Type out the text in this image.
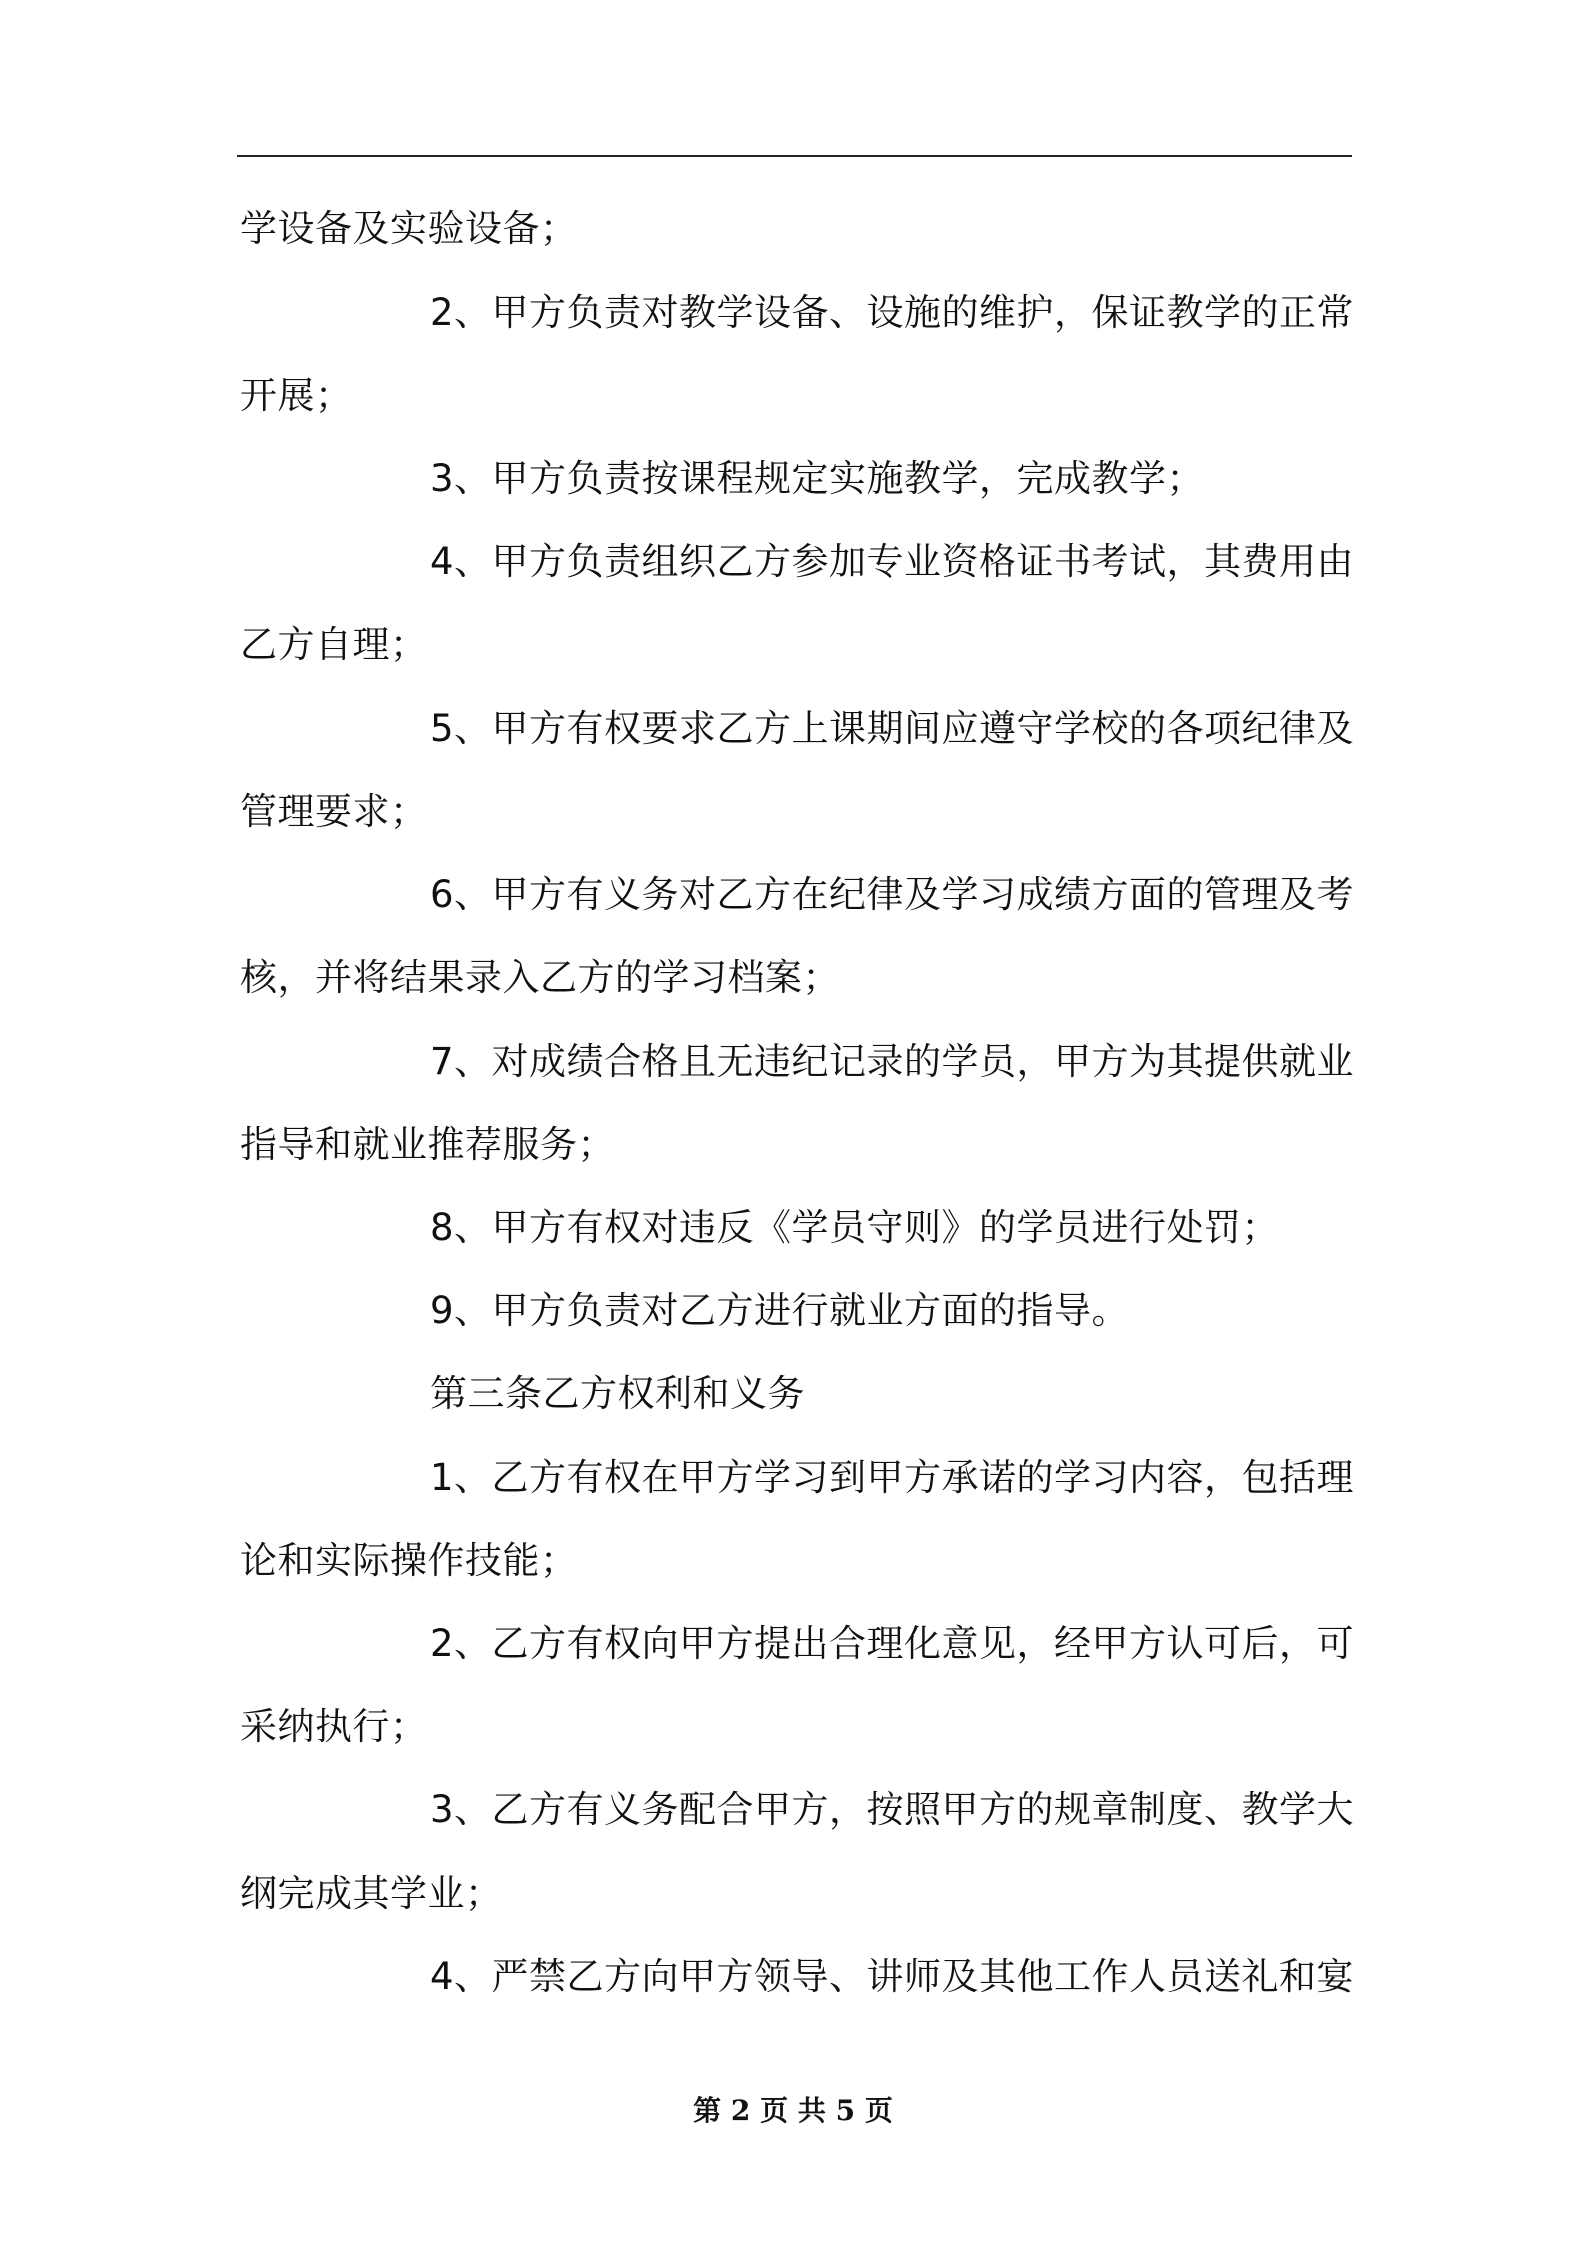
学设备及实验设备；
2、甲方负责对教学设备、设施的维护，保证教学的正常
开展；
3、甲方负责按课程规定实施教学，完成教学；
4、甲方负责组织乙方参加专业资格证书考试，其费用由
乙方自理；
5、甲方有权要求乙方上课期间应遵守学校的各项纪律及
管理要求；
6、甲方有义务对乙方在纪律及学习成绩方面的管理及考
核，并将结果录入乙方的学习档案；
7、对成绩合格且无违纪记录的学员，甲方为其提供就业
指导和就业推荐服务；
8、甲方有权对违反《学员守则》的学员进行处罚；
9、甲方负责对乙方进行就业方面的指导。
第三条乙方权利和义务
1、乙方有权在甲方学习到甲方承诺的学习内容，包括理
论和实际操作技能；
2、乙方有权向甲方提出合理化意见，经甲方认可后，可
采纳执行；
3、乙方有义务配合甲方，按照甲方的规章制度、教学大
纲完成其学业；
4、严禁乙方向甲方领导、讲师及其他工作人员送礼和宴
第 2 页 共 5 页
